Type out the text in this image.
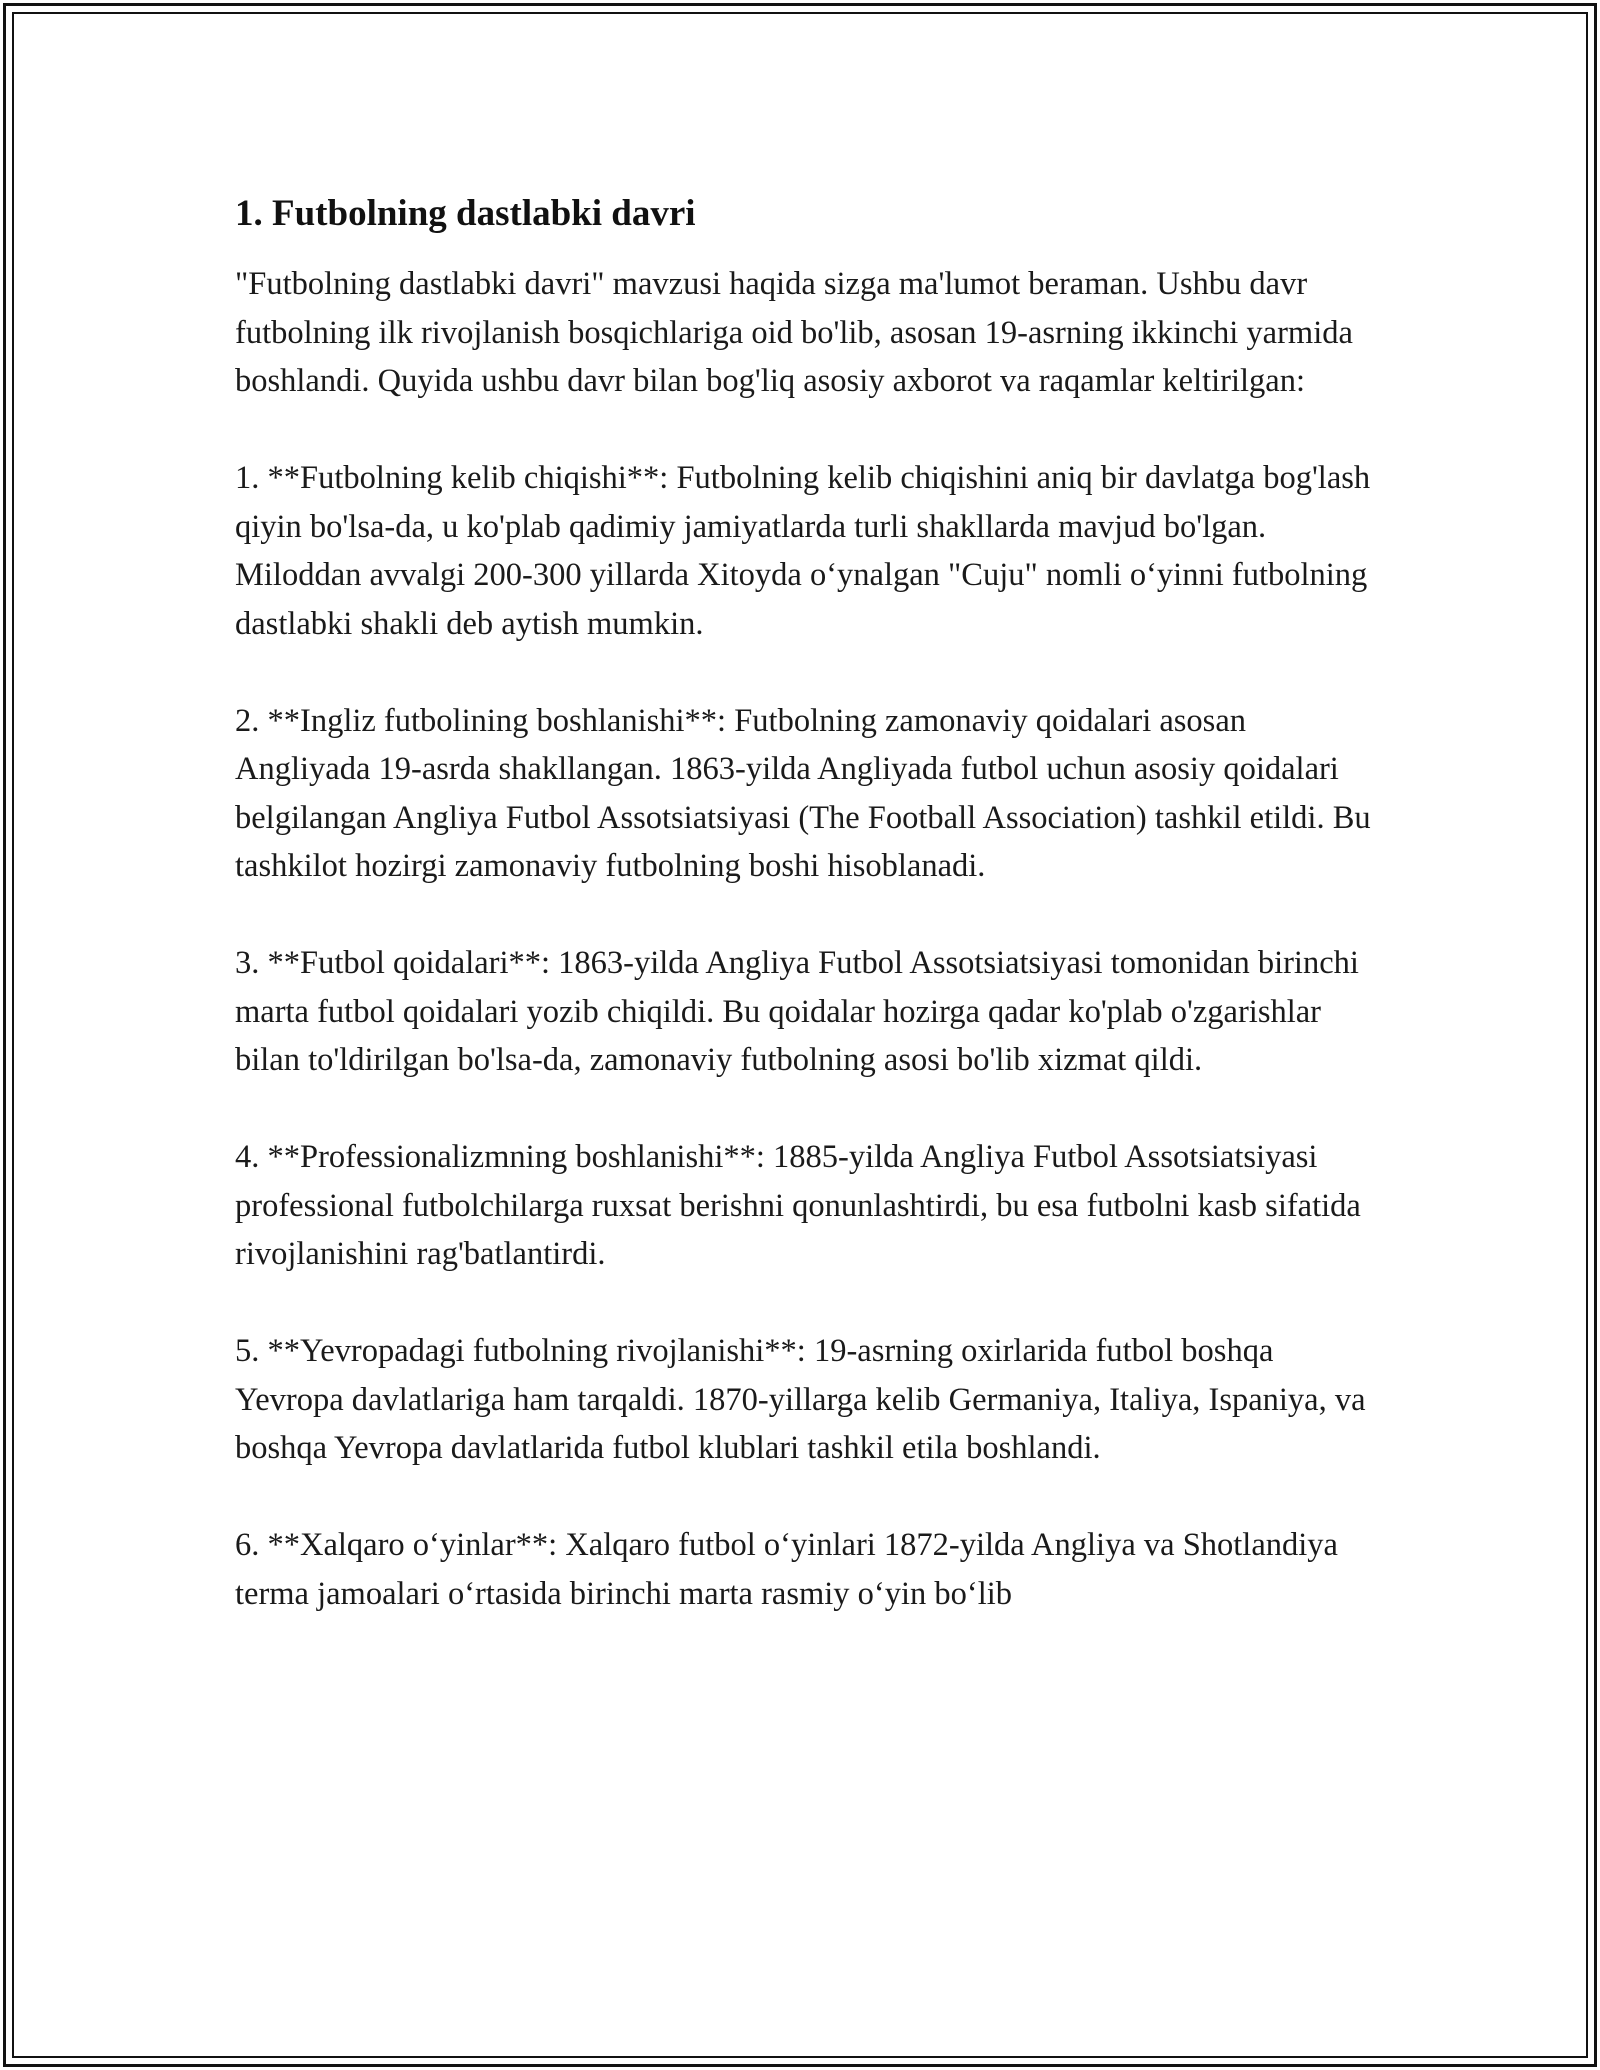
1. Futbolning dastlabki davri

"Futbolning dastlabki davri" mavzusi haqida sizga ma'lumot beraman. Ushbu davr futbolning ilk rivojlanish bosqichlariga oid bo'lib, asosan 19-asrning ikkinchi yarmida boshlandi. Quyida ushbu davr bilan bog'liq asosiy axborot va raqamlar keltirilgan:

1. **Futbolning kelib chiqishi**: Futbolning kelib chiqishini aniq bir davlatga bog'lash qiyin bo'lsa-da, u ko'plab qadimiy jamiyatlarda turli shakllarda mavjud bo'lgan. Miloddan avvalgi 200-300 yillarda Xitoyda o‘ynalgan "Cuju" nomli o‘yinni futbolning dastlabki shakli deb aytish mumkin.

2. **Ingliz futbolining boshlanishi**: Futbolning zamonaviy qoidalari asosan Angliyada 19-asrda shakllangan. 1863-yilda Angliyada futbol uchun asosiy qoidalari belgilangan Angliya Futbol Assotsiatsiyasi (The Football Association) tashkil etildi. Bu tashkilot hozirgi zamonaviy futbolning boshi hisoblanadi.

3. **Futbol qoidalari**: 1863-yilda Angliya Futbol Assotsiatsiyasi tomonidan birinchi marta futbol qoidalari yozib chiqildi. Bu qoidalar hozirga qadar ko'plab o'zgarishlar bilan to'ldirilgan bo'lsa-da, zamonaviy futbolning asosi bo'lib xizmat qildi.

4. **Professionalizmning boshlanishi**: 1885-yilda Angliya Futbol Assotsiatsiyasi professional futbolchilarga ruxsat berishni qonunlashtirdi, bu esa futbolni kasb sifatida rivojlanishini rag'batlantirdi.

5. **Yevropadagi futbolning rivojlanishi**: 19-asrning oxirlarida futbol boshqa Yevropa davlatlariga ham tarqaldi. 1870-yillarga kelib Germaniya, Italiya, Ispaniya, va boshqa Yevropa davlatlarida futbol klublari tashkil etila boshlandi.

6. **Xalqaro o‘yinlar**: Xalqaro futbol o‘yinlari 1872-yilda Angliya va Shotlandiya terma jamoalari o‘rtasida birinchi marta rasmiy o‘yin bo‘lib
